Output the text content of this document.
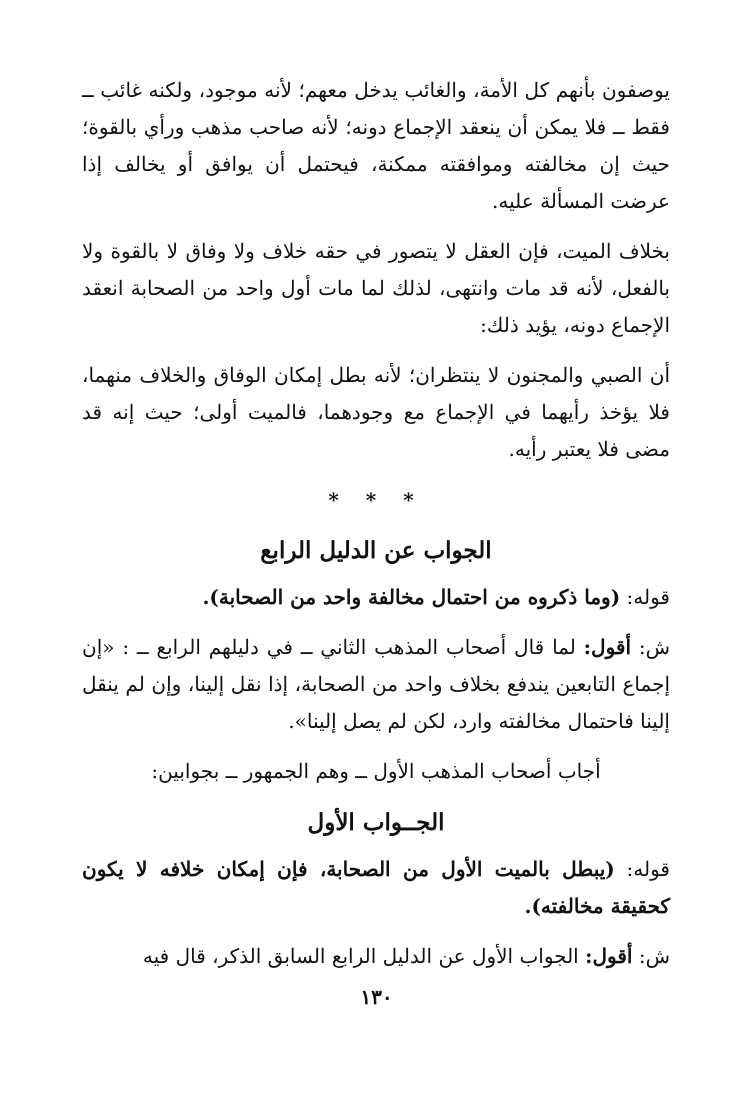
يوصفون بأنهم كل الأمة، والغائب يدخل معهم؛ لأنه موجود، ولكنه غائب ــ فقط ــ فلا يمكن أن ينعقد الإجماع دونه؛ لأنه صاحب مذهب ورأي بالقوة؛ حيث إن مخالفته وموافقته ممكنة، فيحتمل أن يوافق أو يخالف إذا عرضت المسألة عليه.

بخلاف الميت، فإن العقل لا يتصور في حقه خلاف ولا وفاق لا بالقوة ولا بالفعل، لأنه قد مات وانتهى، لذلك لما مات أول واحد من الصحابة انعقد الإجماع دونه، يؤيد ذلك:

أن الصبي والمجنون لا ينتظران؛ لأنه بطل إمكان الوفاق والخلاف منهما، فلا يؤخذ رأيهما في الإجماع مع وجودهما، فالميت أولى؛ حيث إنه قد مضى فلا يعتبر رأيه.

* * *
الجواب عن الدليل الرابع

قوله: (وما ذكروه من احتمال مخالفة واحد من الصحابة).

ش: أقول: لما قال أصحاب المذهب الثاني ــ في دليلهم الرابع ــ : «إن إجماع التابعين يندفع بخلاف واحد من الصحابة، إذا نقل إلينا، وإن لم ينقل إلينا فاحتمال مخالفته وارد، لكن لم يصل إلينا».

أجاب أصحاب المذهب الأول ــ وهم الجمهور ــ بجوابين:

الجــواب الأول

قوله: (يبطل بالميت الأول من الصحابة، فإن إمكان خلافه لا يكون كحقيقة مخالفته).

ش: أقول: الجواب الأول عن الدليل الرابع السابق الذكر، قال فيه

١٣٠
